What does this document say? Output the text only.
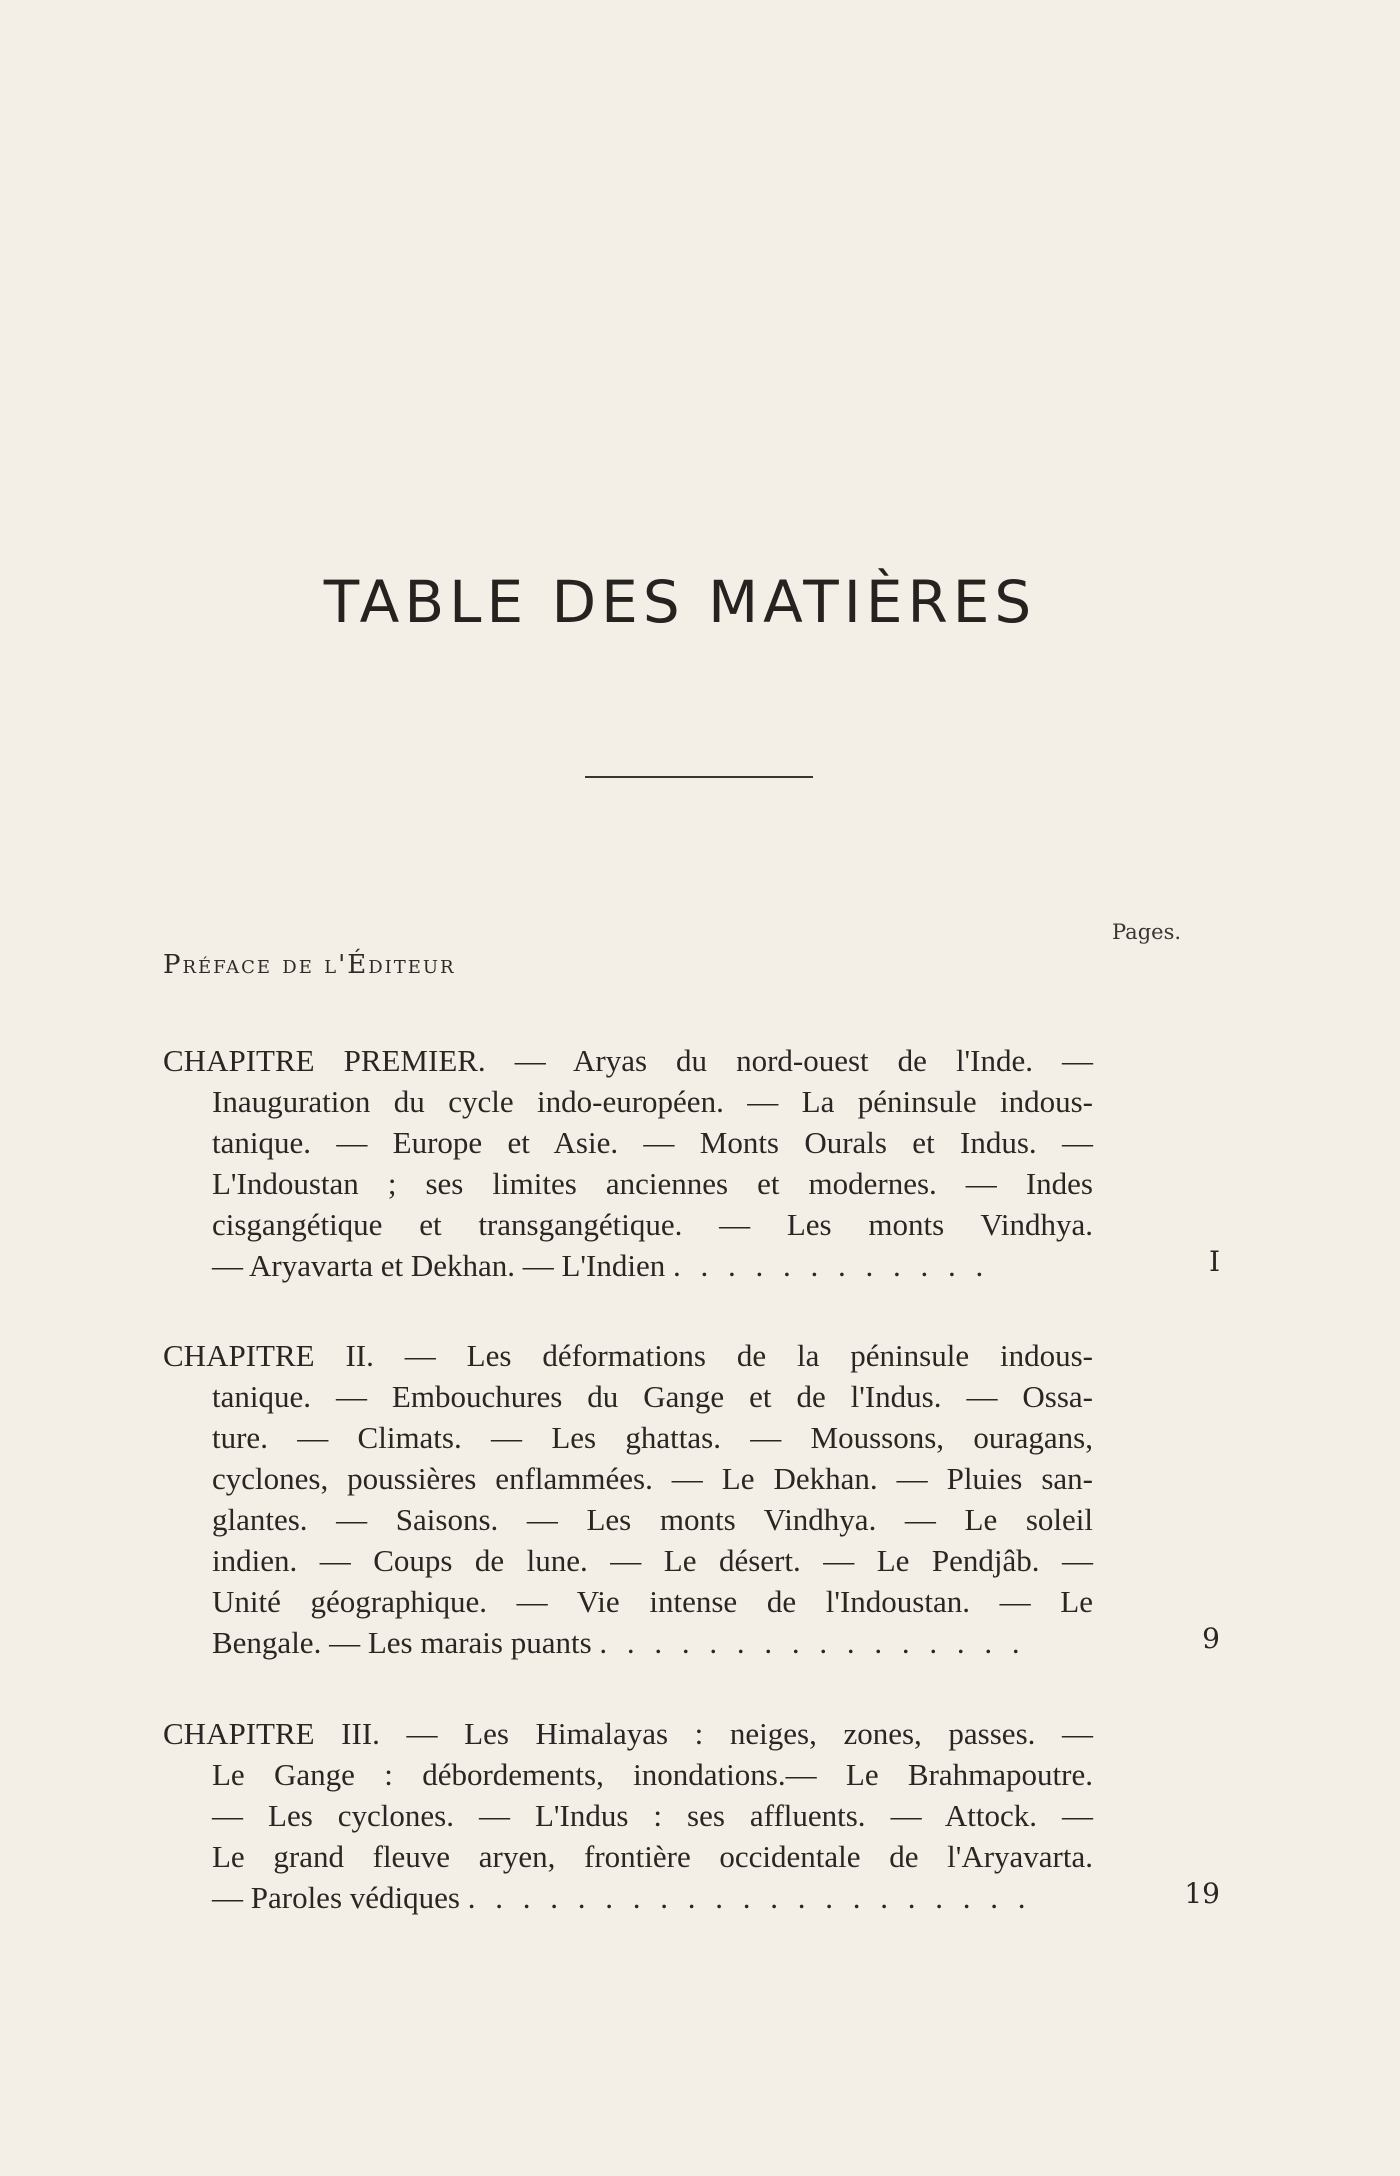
TABLE DES MATIÈRES
Pages.
Préface de l'Éditeur
CHAPITRE PREMIER. — Aryas du nord-ouest de l'Inde. —
Inauguration du cycle indo-européen. — La péninsule indous-
tanique. — Europe et Asie. — Monts Ourals et Indus. —
L'Indoustan ; ses limites anciennes et modernes. — Indes
cisgangétique et transgangétique. — Les monts Vindhya.
— Aryavarta et Dekhan. — L'Indien . . . . . . . . . . . .	I
CHAPITRE II. — Les déformations de la péninsule indous-
tanique. — Embouchures du Gange et de l'Indus. — Ossa-
ture. — Climats. — Les ghattas. — Moussons, ouragans,
cyclones, poussières enflammées. — Le Dekhan. — Pluies san-
glantes. — Saisons. — Les monts Vindhya. — Le soleil
indien. — Coups de lune. — Le désert. — Le Pendjâb. —
Unité géographique. — Vie intense de l'Indoustan. — Le
Bengale. — Les marais puants . . . . . . . . . . . . . . . .	9
CHAPITRE III. — Les Himalayas : neiges, zones, passes. —
Le Gange : débordements, inondations.— Le Brahmapoutre.
— Les cyclones. — L'Indus : ses affluents. — Attock. —
Le grand fleuve aryen, frontière occidentale de l'Aryavarta.
— Paroles védiques . . . . . . . . . . . . . . . . . . . . .	19
